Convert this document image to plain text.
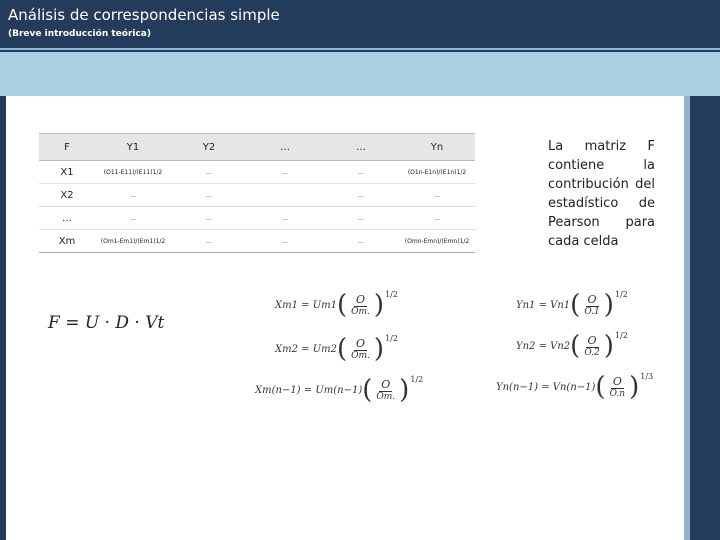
Análisis de correspondencias simple
(Breve introducción teórica)
F	Y1	Y2	…	…	Yn
X1	(O11-E11)/(E11)1/2	…	…	…	(O1n-E1n)/(E1n)1/2
X2	…	…		…	…
…	…	…	…	…	…
Xm	(Om1-Em1)/(Em1)1/2	…	…	…	(Omn-Emn)/(Emn)1/2
La matriz F contiene la contribución del estadístico de Pearson para cada celda
F = U · D · Vt
Xm1 = Um1 ( $\frac{O}{Om.}$ ) 1/2
Xm2 = Um2 ( $\frac{O}{Om.}$ ) 1/2
Xm(n−1) = Um(n−1) ( $\frac{O}{Om.}$ ) 1/2
Yn1 = Vn1 ( $\frac{O}{O.1}$ ) 1/2
Yn2 = Vn2 ( $\frac{O}{O.2}$ ) 1/2
Yn(n−1) = Vn(n−1) ( $\frac{O}{O.n}$ ) 1/3
